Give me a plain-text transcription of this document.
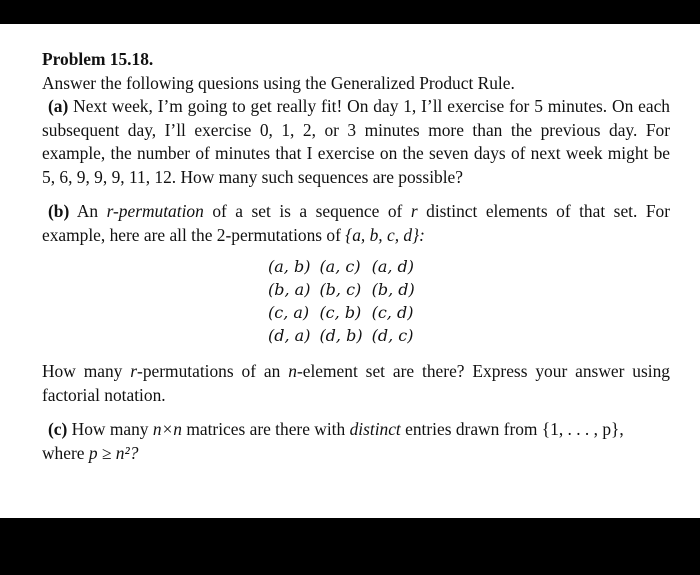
Problem 15.18.

Answer the following quesions using the Generalized Product Rule.

(a) Next week, I’m going to get really fit! On day 1, I’ll exercise for 5 minutes. On each subsequent day, I’ll exercise 0, 1, 2, or 3 minutes more than the previous day. For example, the number of minutes that I exercise on the seven days of next week might be 5, 6, 9, 9, 9, 11, 12. How many such sequences are possible?

(b) An r-permutation of a set is a sequence of r distinct elements of that set. For example, here are all the 2-permutations of {a, b, c, d}:

(a, b)	(a, c)	(a, d)
(b, a)	(b, c)	(b, d)
(c, a)	(c, b)	(c, d)
(d, a)	(d, b)	(d, c)

How many r-permutations of an n-element set are there? Express your answer using factorial notation.

(c) How many n×n matrices are there with distinct entries drawn from {1, . . . , p},
where p ≥ n²?
